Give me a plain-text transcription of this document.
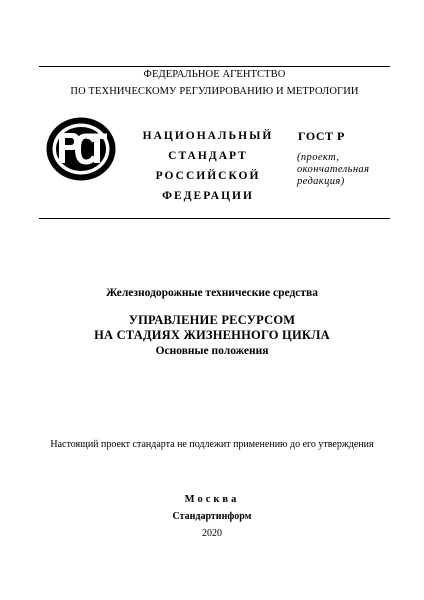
ФЕДЕРАЛЬНОЕ АГЕНТСТВО
ПО ТЕХНИЧЕСКОМУ РЕГУЛИРОВАНИЮ И МЕТРОЛОГИИ
НАЦИОНАЛЬНЫЙ
СТАНДАРТ
РОССИЙСКОЙ
ФЕДЕРАЦИИ
ГОСТ Р
(проект,
окончательная
редакция)
Железнодорожные технические средства
УПРАВЛЕНИЕ РЕСУРСОМ
НА СТАДИЯХ ЖИЗНЕННОГО ЦИКЛА
Основные положения
Настоящий проект стандарта не подлежит применению до его утверждения
Москва
Стандартинформ
2020
